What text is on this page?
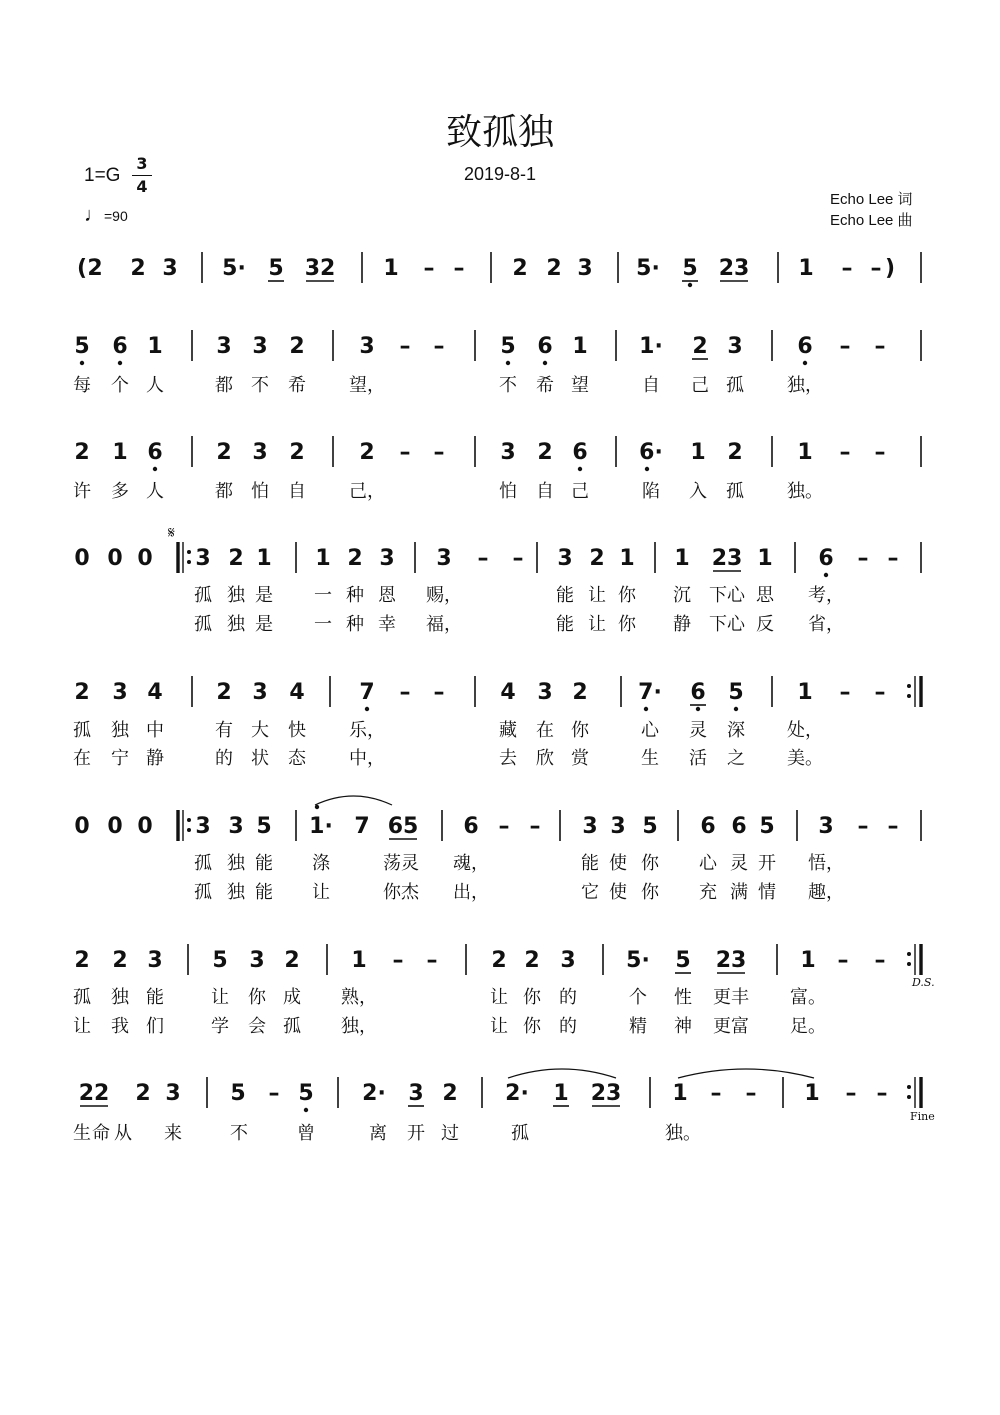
致孤独
2019-8-1
Echo Lee 词
Echo Lee 曲
1=G
3
4
♩=90
( 2 2 3 5· 5 32 1 – – 2 2 3 5· 5 23 1 – – )
5 6 1 3 3 2 3 – –	5 6 1 1· 2 3 6 – –
每 个 人	都 不 希 望，	不 希 望	自 己 孤 独，
2 1 6 2 3 2 2 – –	3 2 6 6· 1 2 1 – –
许 多 人	都 怕 自 己，	怕 自 己	陷 入 孤 独。
0 0 0 3 2 1 1 2 3 3 – – 3 2 1 1 23 1 6 – –
孤 独 是 一 种 恩 赐，	能 让 你 沉 下心 思 考，
孤 独 是 一 种 幸 福，	能 让 你 静 下心 反 省，
2 3 4 2 3 4 7 – –	4 3 2 7· 6 5 1 – –
孤 独 中	有 大 快 乐，	藏 在 你	心 灵 深 处，
在 宁 静	的 状 态 中，	去 欣 赏	生 活 之 美。
0 0 0 3 3 5 1· 7 65 6 – – 3 3 5 6 6 5 3 – –
孤 独 能 涤	荡 灵 魂，	能 使 你 心 灵 开 悟，
孤 独 能 让	你 杰 出，	它 使 你 充 满 情 趣，
2 2 3 5 3 2 1 – – 2 2 3 5· 5 23 1 – –
孤 独 能	让 你 成 熟，	让 你 的	个 性 更丰 富。
让 我 们	学 会 孤 独，	让 你 的	精 神 更富 足。
22 2 3 5 – 5 2· 3 2 2· 1 23 1 – – 1 – –
生 命 从 来	不	曾	离 开 过	孤	独。
𝄋
D.S.
Fine
